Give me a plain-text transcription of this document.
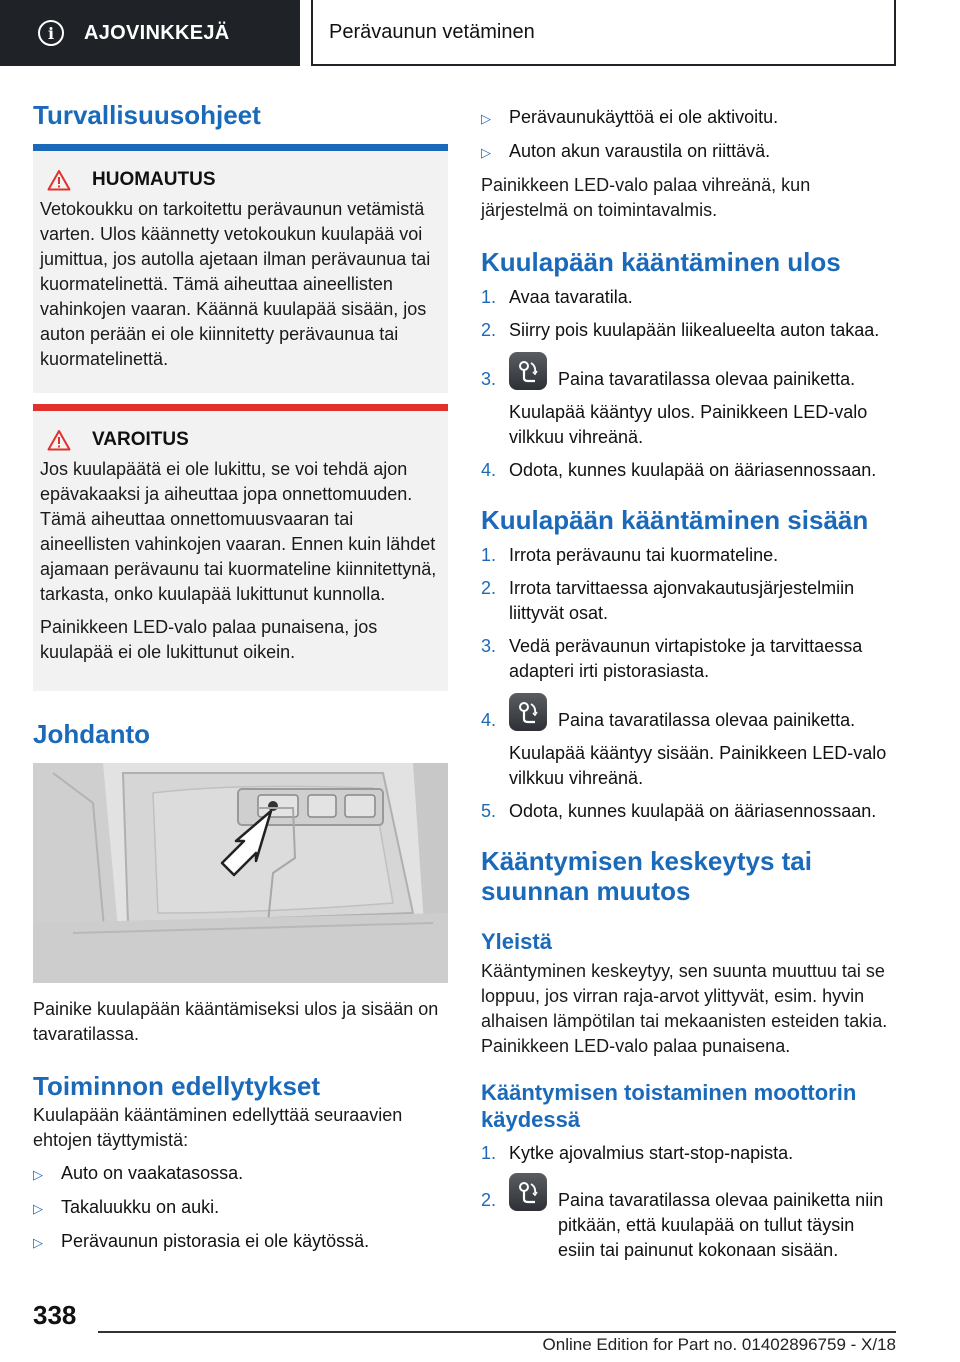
i	AJOVINKKEJÄ	Perävaunun vetäminen
Turvallisuusohjeet
HUOMAUTUS

Vetokoukku on tarkoitettu perävaunun vetämistä varten. Ulos käännetty vetokoukun kuulapää voi jumittua, jos autolla ajetaan ilman perävaunua tai kuormatelinettä. Tämä aiheuttaa aineellisten vahinkojen vaaran. Käännä kuulapää sisään, jos auton perään ei ole kiinnitetty perävaunua tai kuormatelinettä.

VAROITUS

Jos kuulapäätä ei ole lukittu, se voi tehdä ajon epävakaaksi ja aiheuttaa jopa onnettomuuden. Tämä aiheuttaa onnettomuusvaaran tai aineellisten vahinkojen vaaran. Ennen kuin lähdet ajamaan perävaunu tai kuormateline kiinnitettynä, tarkasta, onko kuulapää lukittunut kunnolla.

Painikkeen LED-valo palaa punaisena, jos kuulapää ei ole lukittunut oikein.

Johdanto

Painike kuulapään kääntämiseksi ulos ja sisään on tavaratilassa.

Toiminnon edellytykset

Kuulapään kääntäminen edellyttää seuraavien ehtojen täyttymistä:

▷	Auto on vaakatasossa.
▷	Takaluukku on auki.
▷	Perävaunun pistorasia ei ole käytössä.
▷	Perävaunukäyttöä ei ole aktivoitu.
▷	Auton akun varaustila on riittävä.

Painikkeen LED-valo palaa vihreänä, kun järjestelmä on toimintavalmis.

Kuulapään kääntäminen ulos
1. Avaa tavaratila.
2. Siirry pois kuulapään liikealueelta auton takaa.
3.	Paina tavaratilassa olevaa painiketta.
Kuulapää kääntyy ulos. Painikkeen LED-valo vilkkuu vihreänä.
4. Odota, kunnes kuulapää on ääriasennossaan.
Kuulapään kääntäminen sisään
1. Irrota perävaunu tai kuormateline.
2. Irrota tarvittaessa ajonvakautusjärjestelmiin liittyvät osat.
3. Vedä perävaunun virtapistoke ja tarvittaessa adapteri irti pistorasiasta.
4.	Paina tavaratilassa olevaa painiketta.
Kuulapää kääntyy sisään. Painikkeen LED-valo vilkkuu vihreänä.
5. Odota, kunnes kuulapää on ääriasennossaan.
Kääntymisen keskeytys tai suunnan muutos
Yleistä

Kääntyminen keskeytyy, sen suunta muuttuu tai se loppuu, jos virran raja-arvot ylittyvät, esim. hyvin alhaisen lämpötilan tai mekaanisten esteiden takia. Painikkeen LED-valo palaa punaisena.

Kääntymisen toistaminen moottorin käydessä
1. Kytke ajovalmius start-stop-napista.
2.	Paina tavaratilassa olevaa painiketta niin pitkään, että kuulapää on tullut täysin esiin tai painunut kokonaan sisään.
338
Online Edition for Part no. 01402896759 - X/18
